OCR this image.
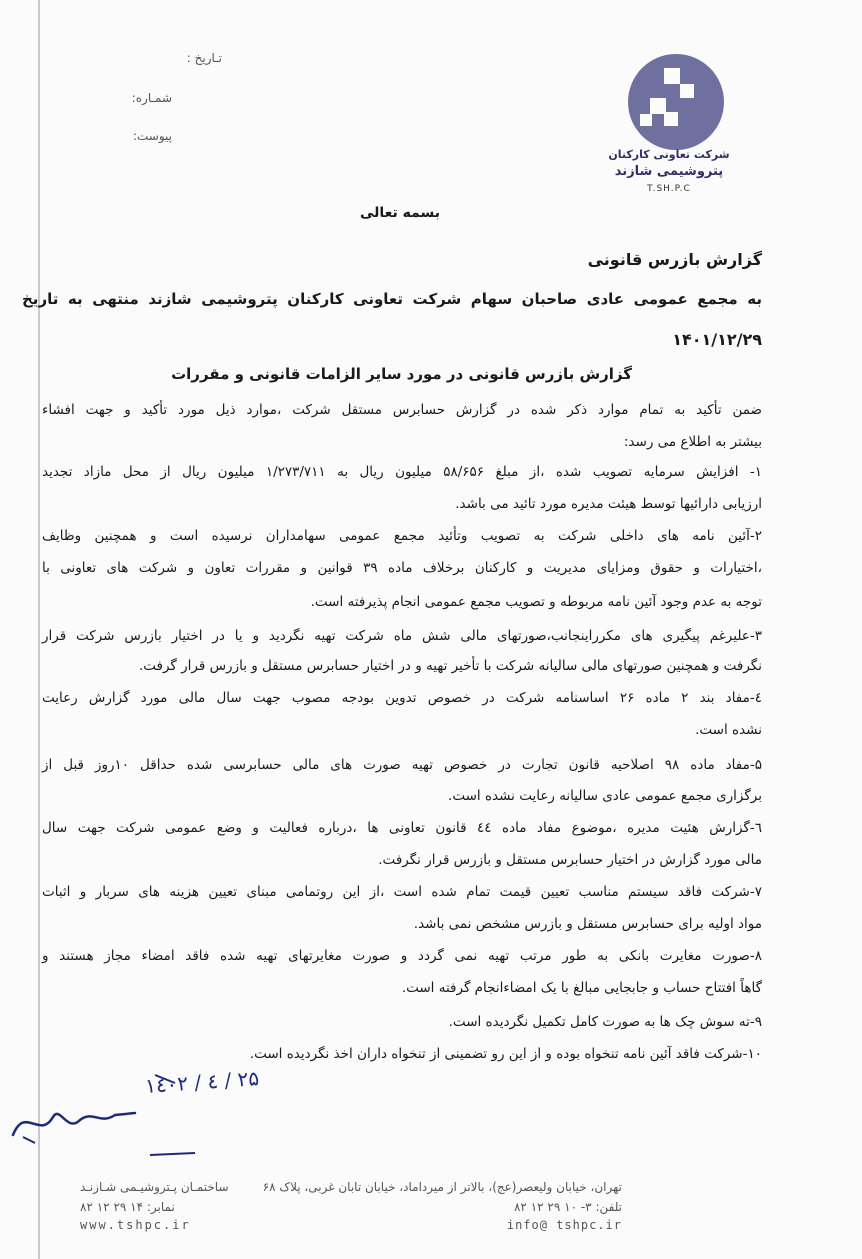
تـاریخ :
شمـاره:
پیوست:
شرکت تعاونی کارکنان
پتروشیمی شازند
T.SH.P.C
بسمه تعالی
گزارش بازرس قانونی
به مجمع عمومی عادی صاحبان سهام شرکت تعاونی کارکنان پتروشیمی شازند منتهی به تاریخ
۱۴۰۱/۱۲/۲۹
گزارش بازرس قانونی در مورد سایر الزامات قانونی و مقررات
ضمن تأکید به تمام موارد ذکر شده در گزارش حسابرس مستقل شرکت ،موارد ذیل مورد تأکید و جهت افشاء
بیشتر به اطلاع می رسد:
۱- افزایش سرمایه تصویب شده ،از مبلغ ۵۸/۶۵۶ میلیون ریال به ۱/۲۷۳/۷۱۱ میلیون ریال از محل مازاد تجدید
ارزیابی دارائیها توسط هیئت مدیره مورد تائید می باشد.
۲-آئین نامه های داخلی شرکت به تصویب وتأئید مجمع عمومی سهامداران نرسیده است و همچنین وظایف
،اختیارات و حقوق ومزایای مدیریت و کارکنان برخلاف ماده ۳۹ قوانین و مقررات تعاون و شرکت های تعاونی با
توجه به عدم وجود آئین نامه مربوطه و تصویب مجمع عمومی انجام پذیرفته است.
۳-علیرغم پیگیری های مکرراینجانب،صورتهای مالی شش ماه شرکت تهیه نگردید و یا در اختیار بازرس شرکت قرار
نگرفت و همچنین صورتهای مالی سالیانه شرکت با تأخیر تهیه و در اختیار حسابرس مستقل و بازرس قرار گرفت.
٤-مفاد بند ۲ ماده ۲۶ اساسنامه شرکت در خصوص تدوین بودجه مصوب جهت سال مالی مورد گزارش رعایت
نشده است.
۵-مفاد ماده ۹۸ اصلاحیه قانون تجارت در خصوص تهیه صورت های مالی حسابرسی شده حداقل ۱۰روز قبل از
برگزاری مجمع عمومی عادی سالیانه رعایت نشده است.
٦-گزارش هئیت مدیره ،موضوع مفاد ماده ٤٤ قانون تعاونی ها ،درباره فعالیت و وضع عمومی شرکت جهت سال
مالی مورد گزارش در اختیار حسابرس مستقل و بازرس قرار نگرفت.
۷-شرکت فاقد سیستم مناسب تعیین قیمت تمام شده است ،از این روتمامی مبنای تعیین هزینه های سربار و اثبات
مواد اولیه برای حسابرس مستقل و بازرس مشخص نمی باشد.
۸-صورت مغایرت بانکی به طور مرتب تهیه نمی گردد و صورت مغایرتهای تهیه شده فاقد امضاء مجاز هستند و
گاهاً افتتاح حساب و جابجایی مبالغ با یک امضاءانجام گرفته است.
۹-ته سوش چک ها به صورت کامل تکمیل نگردیده است.
۱۰-شرکت فاقد آئین نامه تنخواه بوده و از این رو تضمینی از تنخواه داران اخذ نگردیده است.
۲۵ / ٤ / ۱٤۰۲
تهران، خیابان ولیعصر(عج)، بالاتر از میرداماد، خیابان تابان غربی، پلاک ۶۸
ساختمـان پـتروشیـمی شـازنـد
تلفن: ۳- ۱۰ ۲۹ ۱۲ ۸۲
نمابر: ۱۴ ۲۹ ۱۲ ۸۲
info@ tshpc.ir
www.tshpc.ir
